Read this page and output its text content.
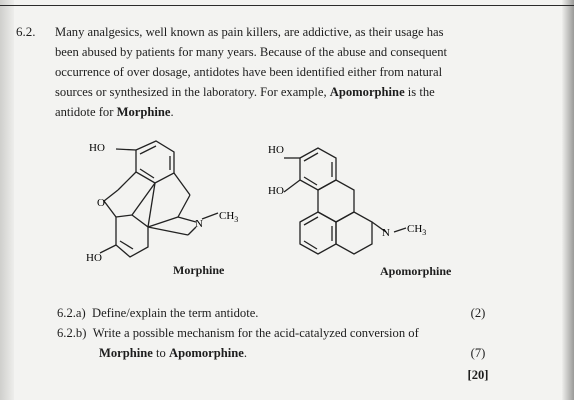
6.2. Many analgesics, well known as pain killers, are addictive, as their usage has
been abused by patients for many years. Because of the abuse and consequent
occurrence of over dosage, antidotes have been identified either from natural
sources or synthesized in the laboratory. For example, Apomorphine is the
antidote for Morphine.
HO
O
HO
N
$CH_3$
Morphine
HO
HO
N $CH_3$
Apomorphine
6.2.a) Define/explain the term antidote.	(2)
6.2.b) Write a possible mechanism for the acid-catalyzed conversion of
Morphine to Apomorphine.	(7)
[20]
